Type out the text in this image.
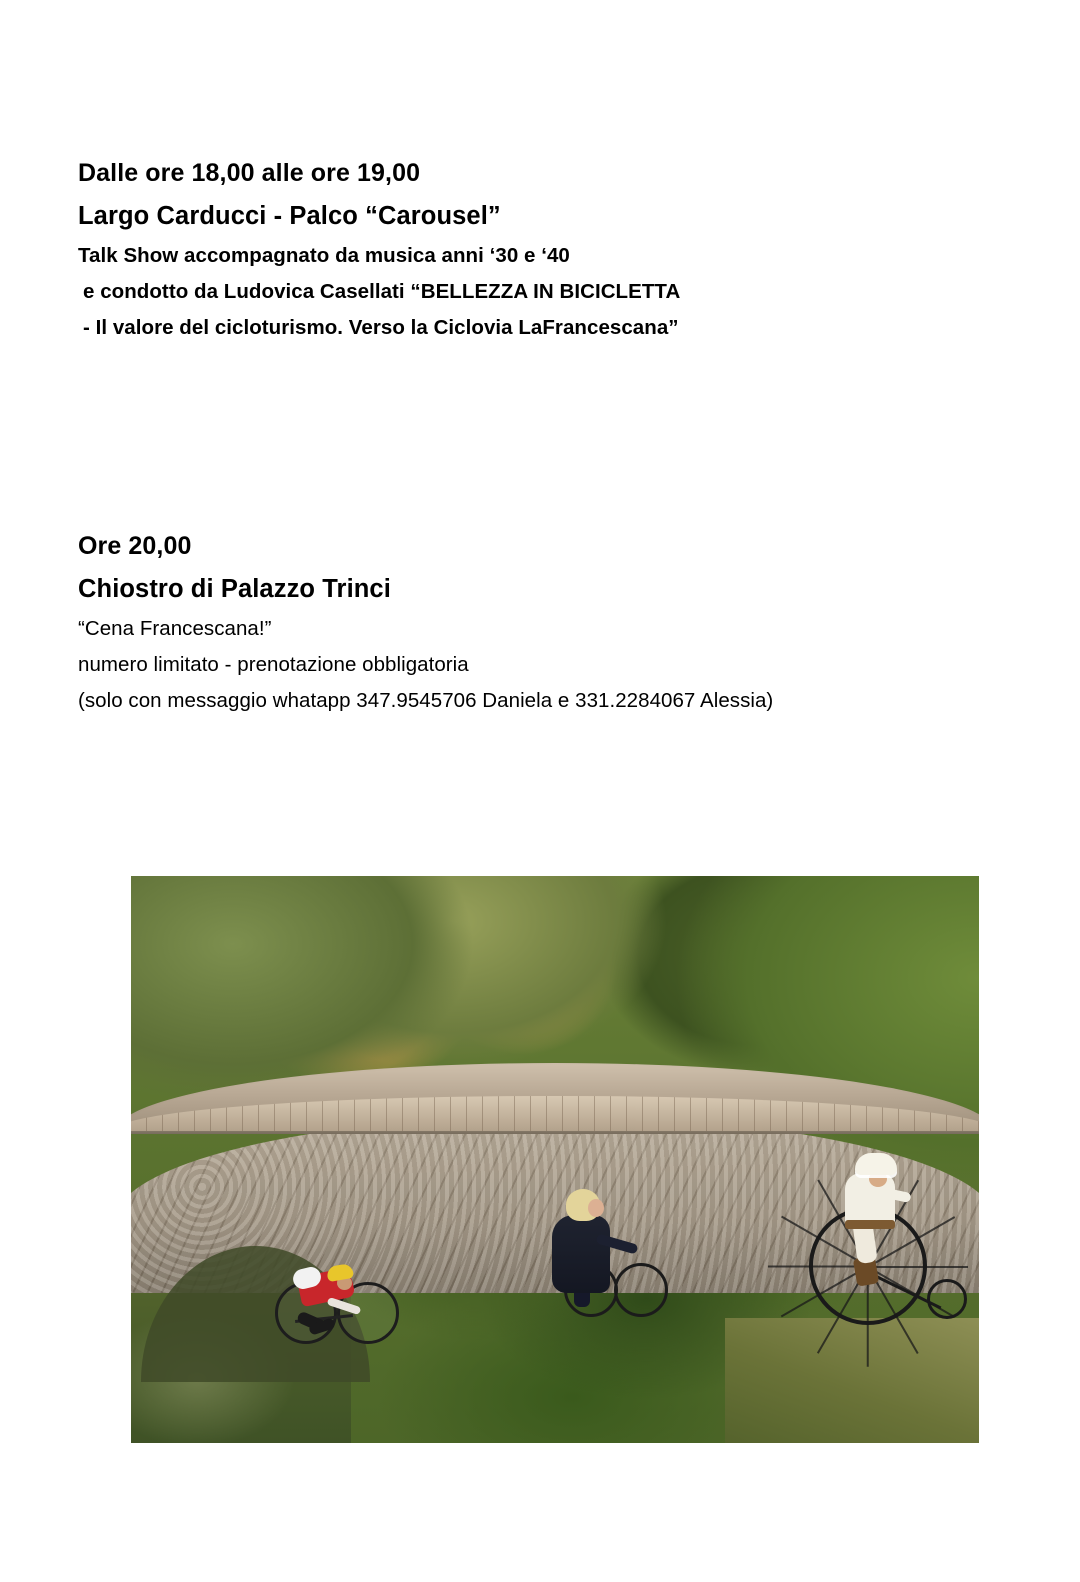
Dalle ore 18,00 alle ore 19,00
Largo Carducci - Palco “Carousel”
Talk Show accompagnato da musica anni ‘30 e ‘40
e condotto da Ludovica Casellati “BELLEZZA IN BICICLETTA
- Il valore del cicloturismo. Verso la Ciclovia LaFrancescana”
Ore 20,00
Chiostro di Palazzo Trinci
“Cena Francescana!”
numero limitato - prenotazione obbligatoria
(solo con messaggio whatapp 347.9545706 Daniela e 331.2284067 Alessia)
